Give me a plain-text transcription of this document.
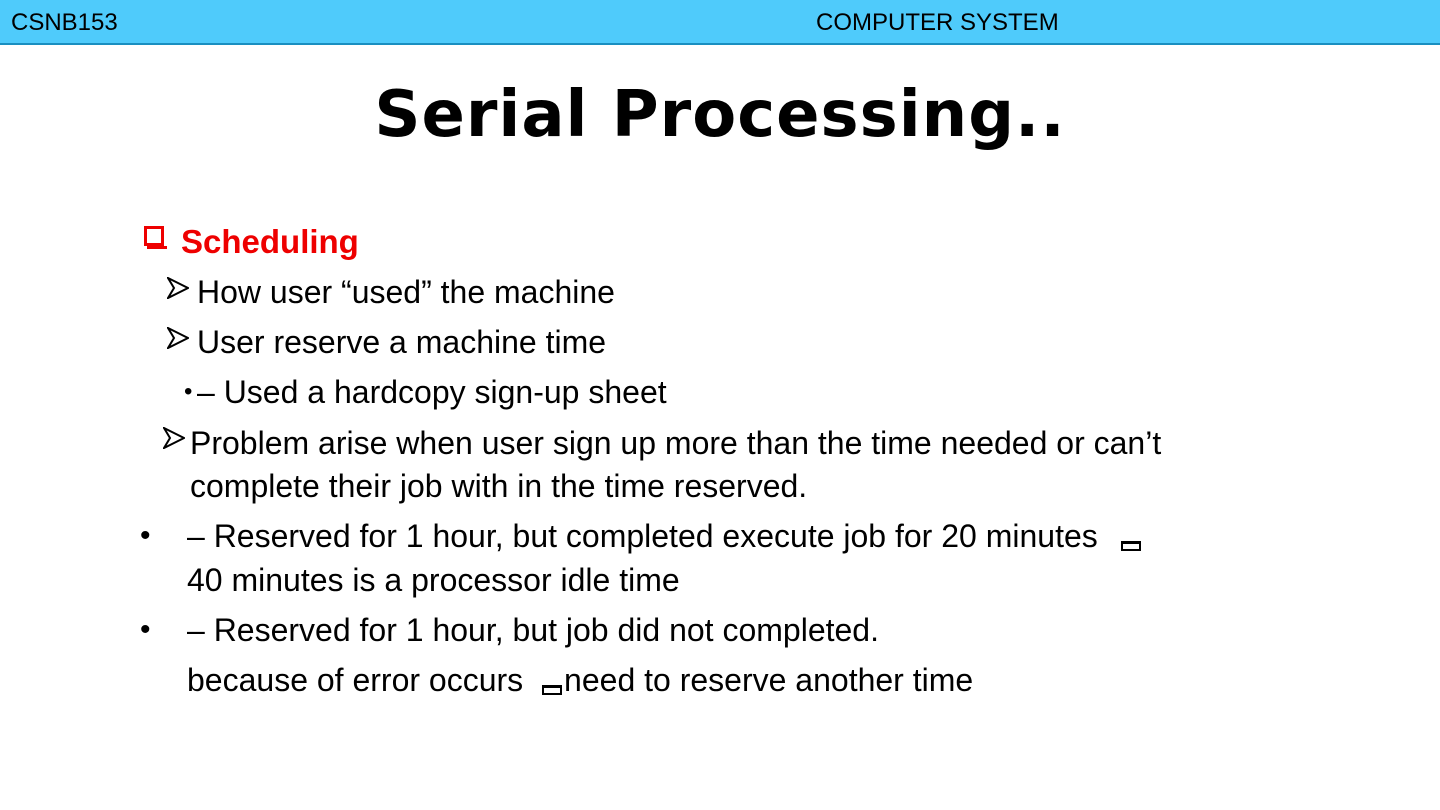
CSNB153	COMPUTER SYSTEM
Serial Processing..
Scheduling
How user “used” the machine
User reserve a machine time
• – Used a hardcopy sign-up sheet
Problem arise when user sign up more than the time needed or can’t
complete their job with in the time reserved.
• – Reserved for 1 hour, but completed execute job for 20 minutes
40 minutes is a processor idle time
• – Reserved for 1 hour, but job did not completed.
because of error occurs need to reserve another time
